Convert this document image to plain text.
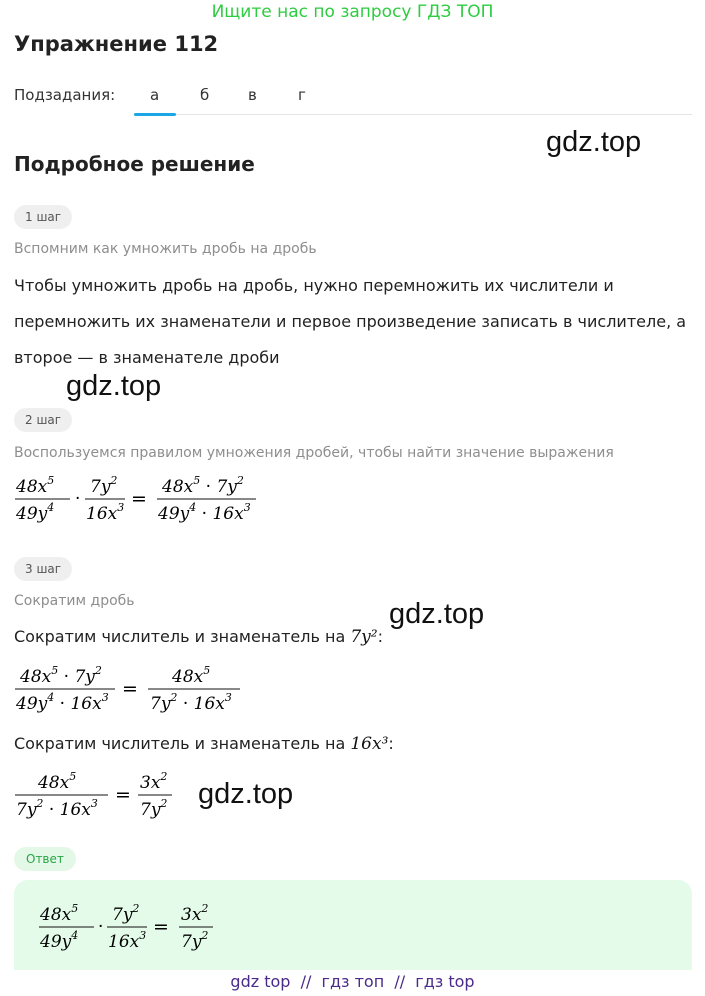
Ищите нас по запросу ГДЗ ТОП
Упражнение 112
Подзадания: а	б	в	г
gdz.top
Подробное решение
1 шаг
Вспомним как умножить дробь на дробь
Чтобы умножить дробь на дробь, нужно перемножить их числители и перемножить их знаменатели и первое произведение записать в числителе, а второе — в знаменателе дроби
gdz.top
2 шаг
Воспользуемся правилом умножения дробей, чтобы найти значение выражения
$48x^5$
$49y^4$ ·
$7y^2$
$16x^3$ =
$48x^5 \cdot 7y^2$
$49y^4 \cdot 16x^3$
3 шаг
Сократим дробь	gdz.top
Сократим числитель и знаменатель на 7y²:
$48x^5 \cdot 7y^2$
$49y^4 \cdot 16x^3$ =
$48x^5$
$7y^2 \cdot 16x^3$
Сократим числитель и знаменатель на 16x³:
$48x^5$
$7y^2 \cdot 16x^3$ =
$3x^2$
$7y^2$ gdz.top
Ответ
$48x^5$
$49y^4$ ·
$7y^2$
$16x^3$ =
$3x^2$
$7y^2$
gdz top  //  гдз топ  //  гдз top
